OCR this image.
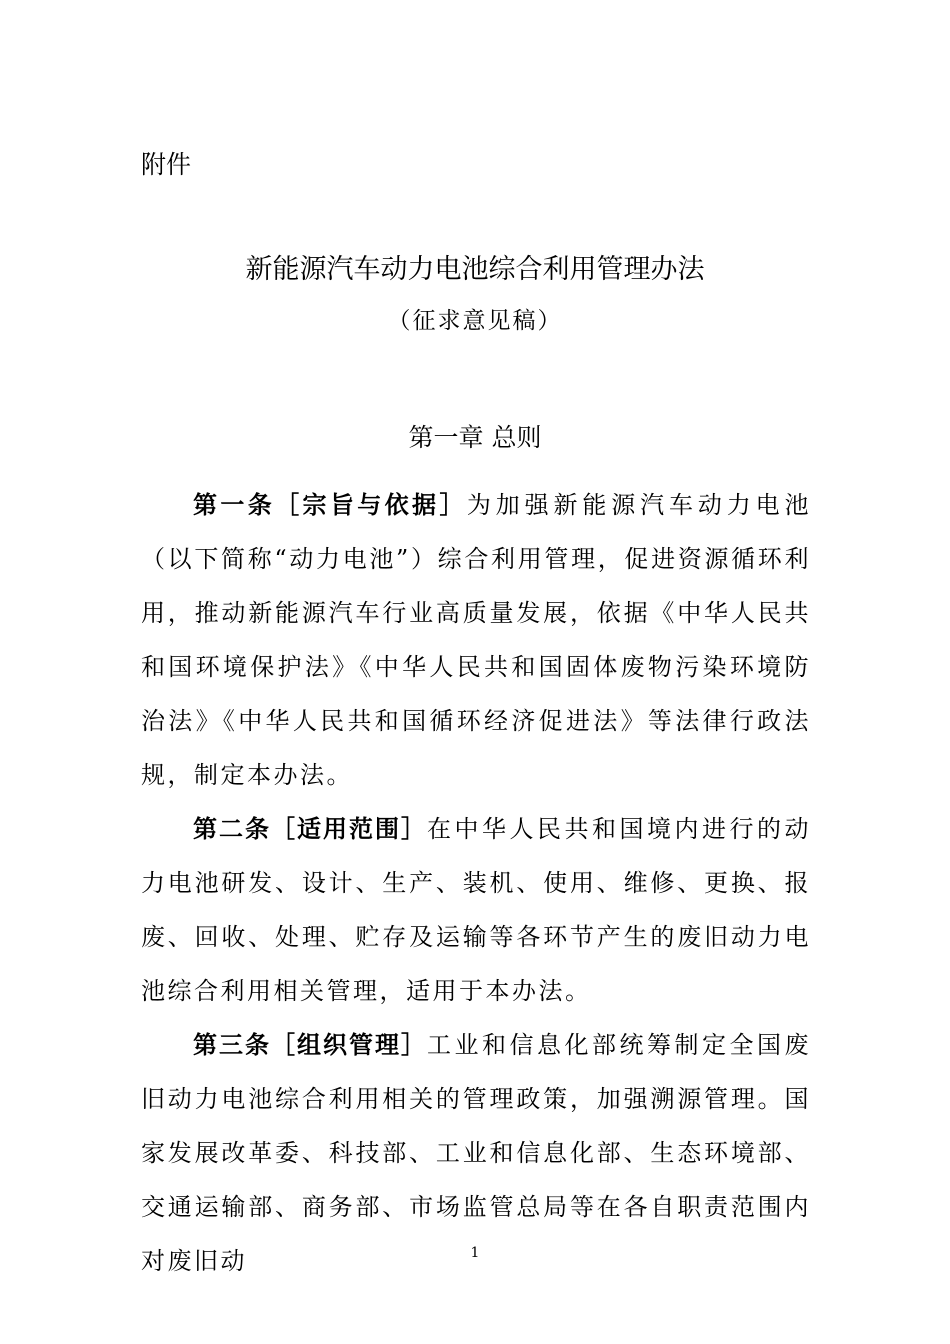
附件
新能源汽车动力电池综合利用管理办法
（征求意见稿）
第一章 总则

第一条［宗旨与依据］为加强新能源汽车动力电池（以下简称“动力电池”）综合利用管理，促进资源循环利用，推动新能源汽车行业高质量发展，依据《中华人民共和国环境保护法》《中华人民共和国固体废物污染环境防治法》《中华人民共和国循环经济促进法》等法律行政法规，制定本办法。

第二条［适用范围］在中华人民共和国境内进行的动力电池研发、设计、生产、装机、使用、维修、更换、报废、回收、处理、贮存及运输等各环节产生的废旧动力电池综合利用相关管理，适用于本办法。

第三条［组织管理］工业和信息化部统筹制定全国废旧动力电池综合利用相关的管理政策，加强溯源管理。国家发展改革委、科技部、工业和信息化部、生态环境部、交通运输部、商务部、市场监管总局等在各自职责范围内对废旧动	1
